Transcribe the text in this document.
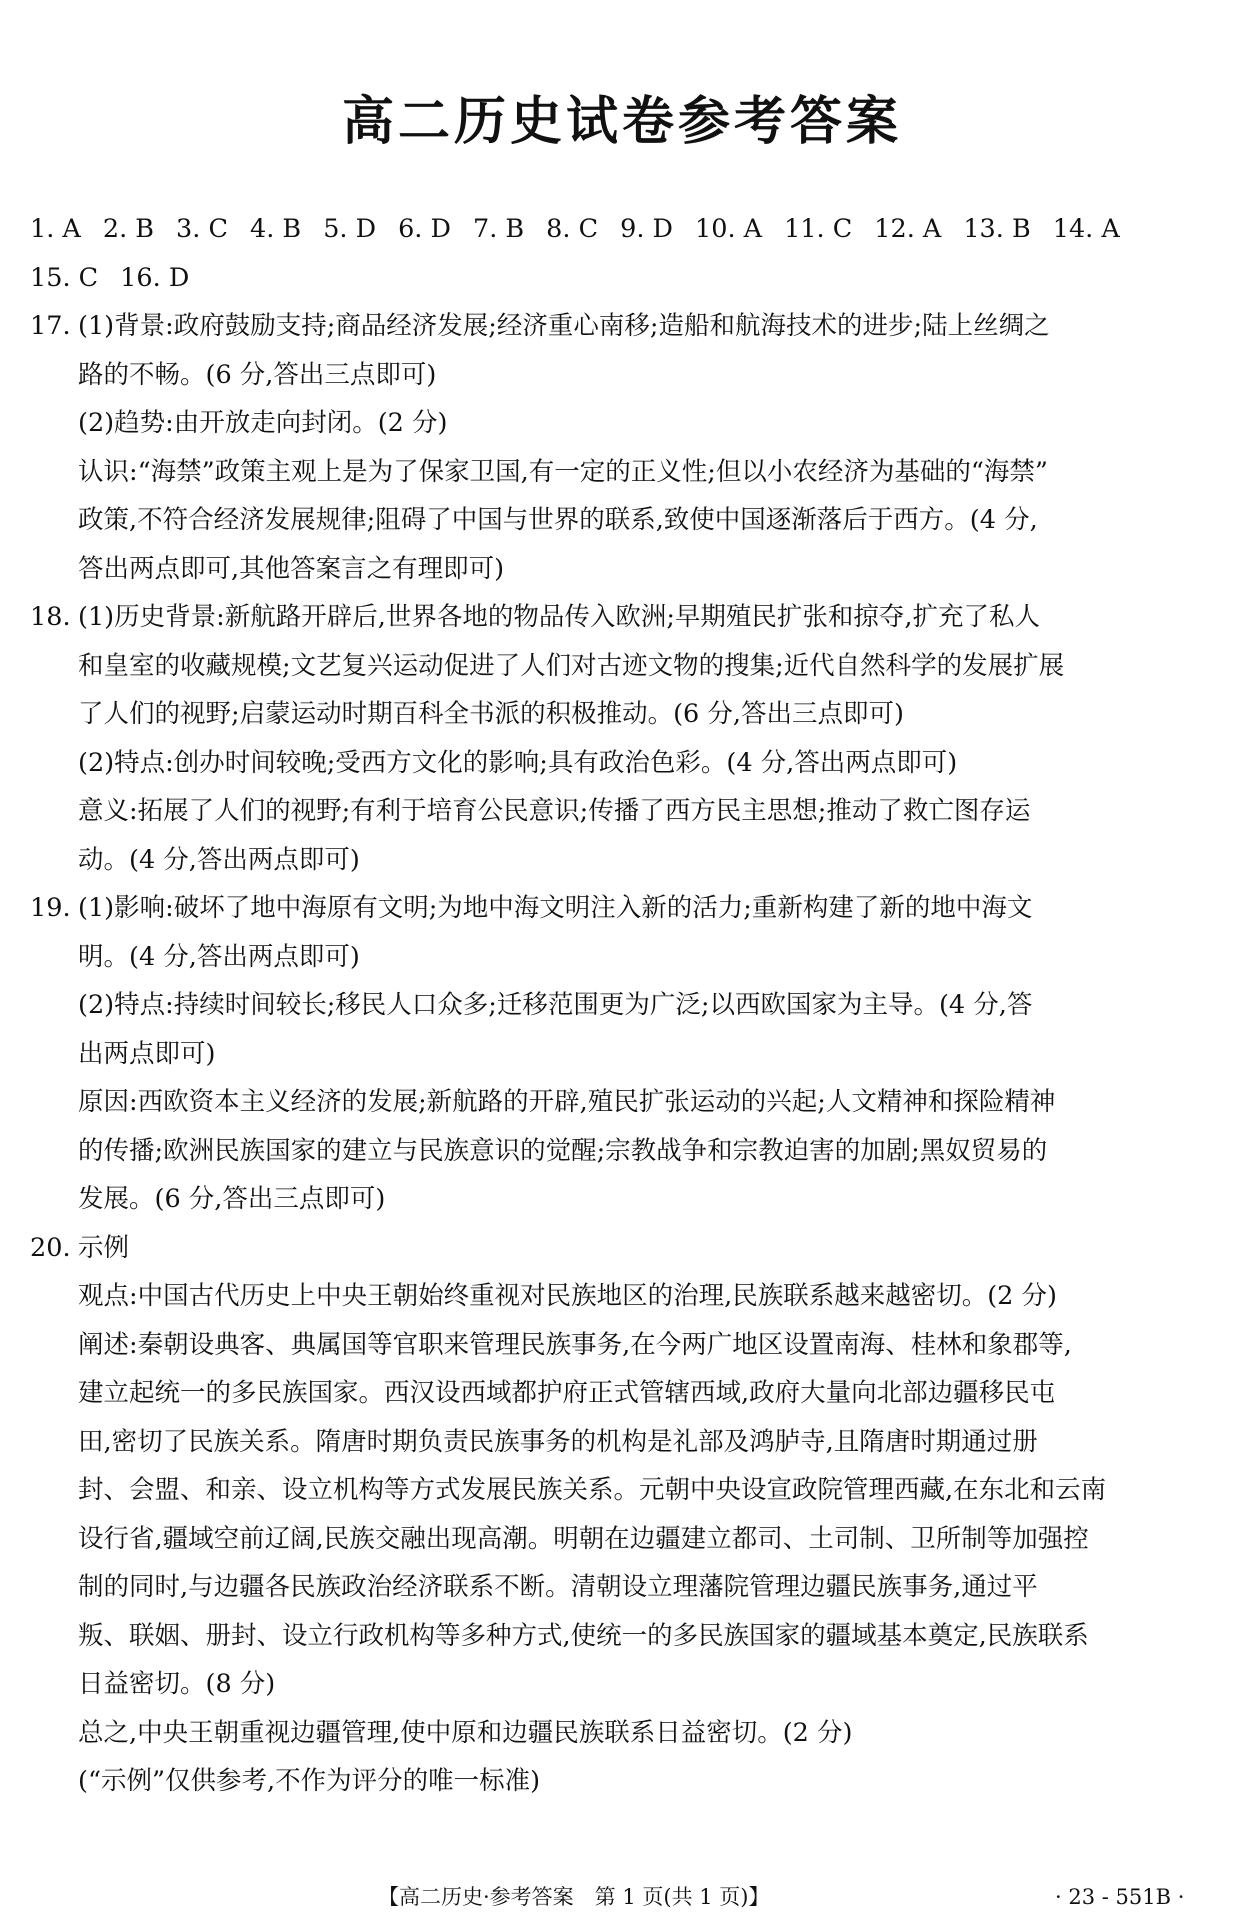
高二历史试卷参考答案
1. A 2. B 3. C 4. B 5. D 6. D 7. B 8. C 9. D 10. A 11. C 12. A 13. B 14. A
15. C 16. D
17. (1)背景:政府鼓励支持;商品经济发展;经济重心南移;造船和航海技术的进步;陆上丝绸之
路的不畅。(6 分,答出三点即可)
(2)趋势:由开放走向封闭。(2 分)
认识:“海禁”政策主观上是为了保家卫国,有一定的正义性;但以小农经济为基础的“海禁”
政策,不符合经济发展规律;阻碍了中国与世界的联系,致使中国逐渐落后于西方。(4 分,
答出两点即可,其他答案言之有理即可)
18. (1)历史背景:新航路开辟后,世界各地的物品传入欧洲;早期殖民扩张和掠夺,扩充了私人
和皇室的收藏规模;文艺复兴运动促进了人们对古迹文物的搜集;近代自然科学的发展扩展
了人们的视野;启蒙运动时期百科全书派的积极推动。(6 分,答出三点即可)
(2)特点:创办时间较晚;受西方文化的影响;具有政治色彩。(4 分,答出两点即可)
意义:拓展了人们的视野;有利于培育公民意识;传播了西方民主思想;推动了救亡图存运
动。(4 分,答出两点即可)
19. (1)影响:破坏了地中海原有文明;为地中海文明注入新的活力;重新构建了新的地中海文
明。(4 分,答出两点即可)
(2)特点:持续时间较长;移民人口众多;迁移范围更为广泛;以西欧国家为主导。(4 分,答
出两点即可)
原因:西欧资本主义经济的发展;新航路的开辟,殖民扩张运动的兴起;人文精神和探险精神
的传播;欧洲民族国家的建立与民族意识的觉醒;宗教战争和宗教迫害的加剧;黑奴贸易的
发展。(6 分,答出三点即可)
20. 示例
观点:中国古代历史上中央王朝始终重视对民族地区的治理,民族联系越来越密切。(2 分)
阐述:秦朝设典客、典属国等官职来管理民族事务,在今两广地区设置南海、桂林和象郡等,
建立起统一的多民族国家。西汉设西域都护府正式管辖西域,政府大量向北部边疆移民屯
田,密切了民族关系。隋唐时期负责民族事务的机构是礼部及鸿胪寺,且隋唐时期通过册
封、会盟、和亲、设立机构等方式发展民族关系。元朝中央设宣政院管理西藏,在东北和云南
设行省,疆域空前辽阔,民族交融出现高潮。明朝在边疆建立都司、土司制、卫所制等加强控
制的同时,与边疆各民族政治经济联系不断。清朝设立理藩院管理边疆民族事务,通过平
叛、联姻、册封、设立行政机构等多种方式,使统一的多民族国家的疆域基本奠定,民族联系
日益密切。(8 分)
总之,中央王朝重视边疆管理,使中原和边疆民族联系日益密切。(2 分)
(“示例”仅供参考,不作为评分的唯一标准)
【高二历史·参考答案　第 1 页(共 1 页)】	· 23 - 551B ·
